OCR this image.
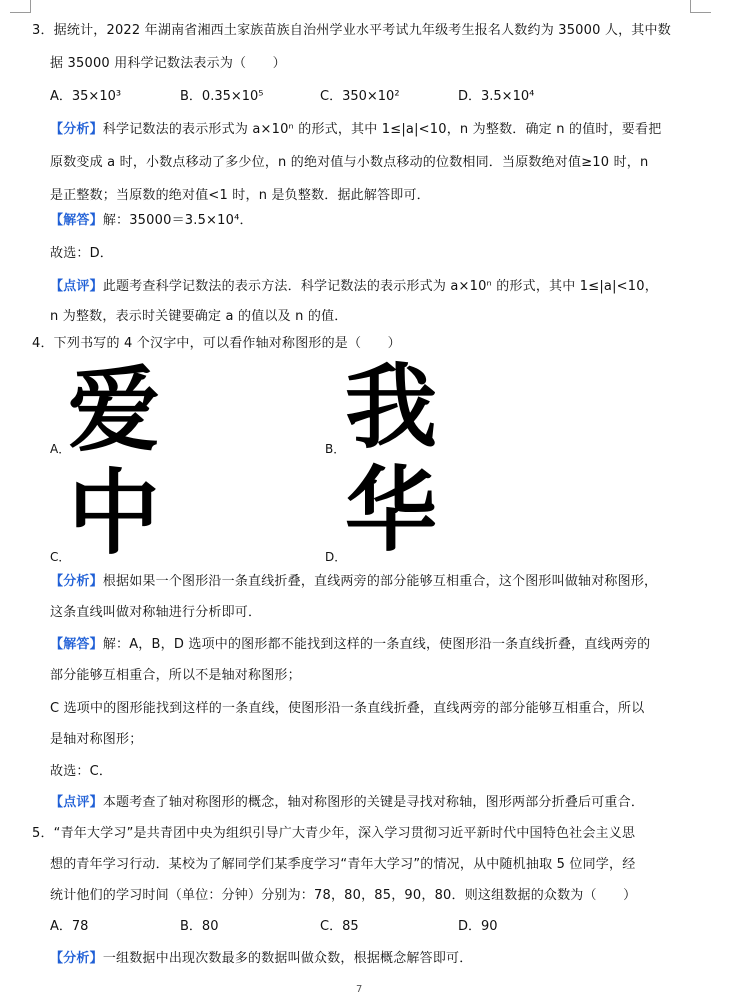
3．据统计，2022 年湖南省湘西土家族苗族自治州学业水平考试九年级考生报名人数约为 35000 人，其中数
据 35000 用科学记数法表示为（　　）
A．35×10³	B．0.35×10⁵	C．350×10²	D．3.5×10⁴
【分析】科学记数法的表示形式为 a×10ⁿ 的形式，其中 1≤|a|<10，n 为整数．确定 n 的值时，要看把
原数变成 a 时，小数点移动了多少位，n 的绝对值与小数点移动的位数相同．当原数绝对值≥10 时，n
是正整数；当原数的绝对值<1 时，n 是负整数．据此解答即可．
【解答】解：35000＝3.5×10⁴．
故选：D．
【点评】此题考查科学记数法的表示方法．科学记数法的表示形式为 a×10ⁿ 的形式，其中 1≤|a|<10，
n 为整数，表示时关键要确定 a 的值以及 n 的值．
4．下列书写的 4 个汉字中，可以看作轴对称图形的是（　　）
爱
A．	我
B．
中
C．	华
D．
【分析】根据如果一个图形沿一条直线折叠，直线两旁的部分能够互相重合，这个图形叫做轴对称图形，
这条直线叫做对称轴进行分析即可．
【解答】解：A，B，D 选项中的图形都不能找到这样的一条直线，使图形沿一条直线折叠，直线两旁的
部分能够互相重合，所以不是轴对称图形；
C 选项中的图形能找到这样的一条直线，使图形沿一条直线折叠，直线两旁的部分能够互相重合，所以
是轴对称图形；
故选：C．
【点评】本题考查了轴对称图形的概念，轴对称图形的关键是寻找对称轴，图形两部分折叠后可重合．
5．“青年大学习”是共青团中央为组织引导广大青少年，深入学习贯彻习近平新时代中国特色社会主义思
想的青年学习行动．某校为了解同学们某季度学习“青年大学习”的情况，从中随机抽取 5 位同学，经
统计他们的学习时间（单位：分钟）分别为：78，80，85，90，80．则这组数据的众数为（　　）
A．78	B．80	C．85	D．90
【分析】一组数据中出现次数最多的数据叫做众数，根据概念解答即可．
7
